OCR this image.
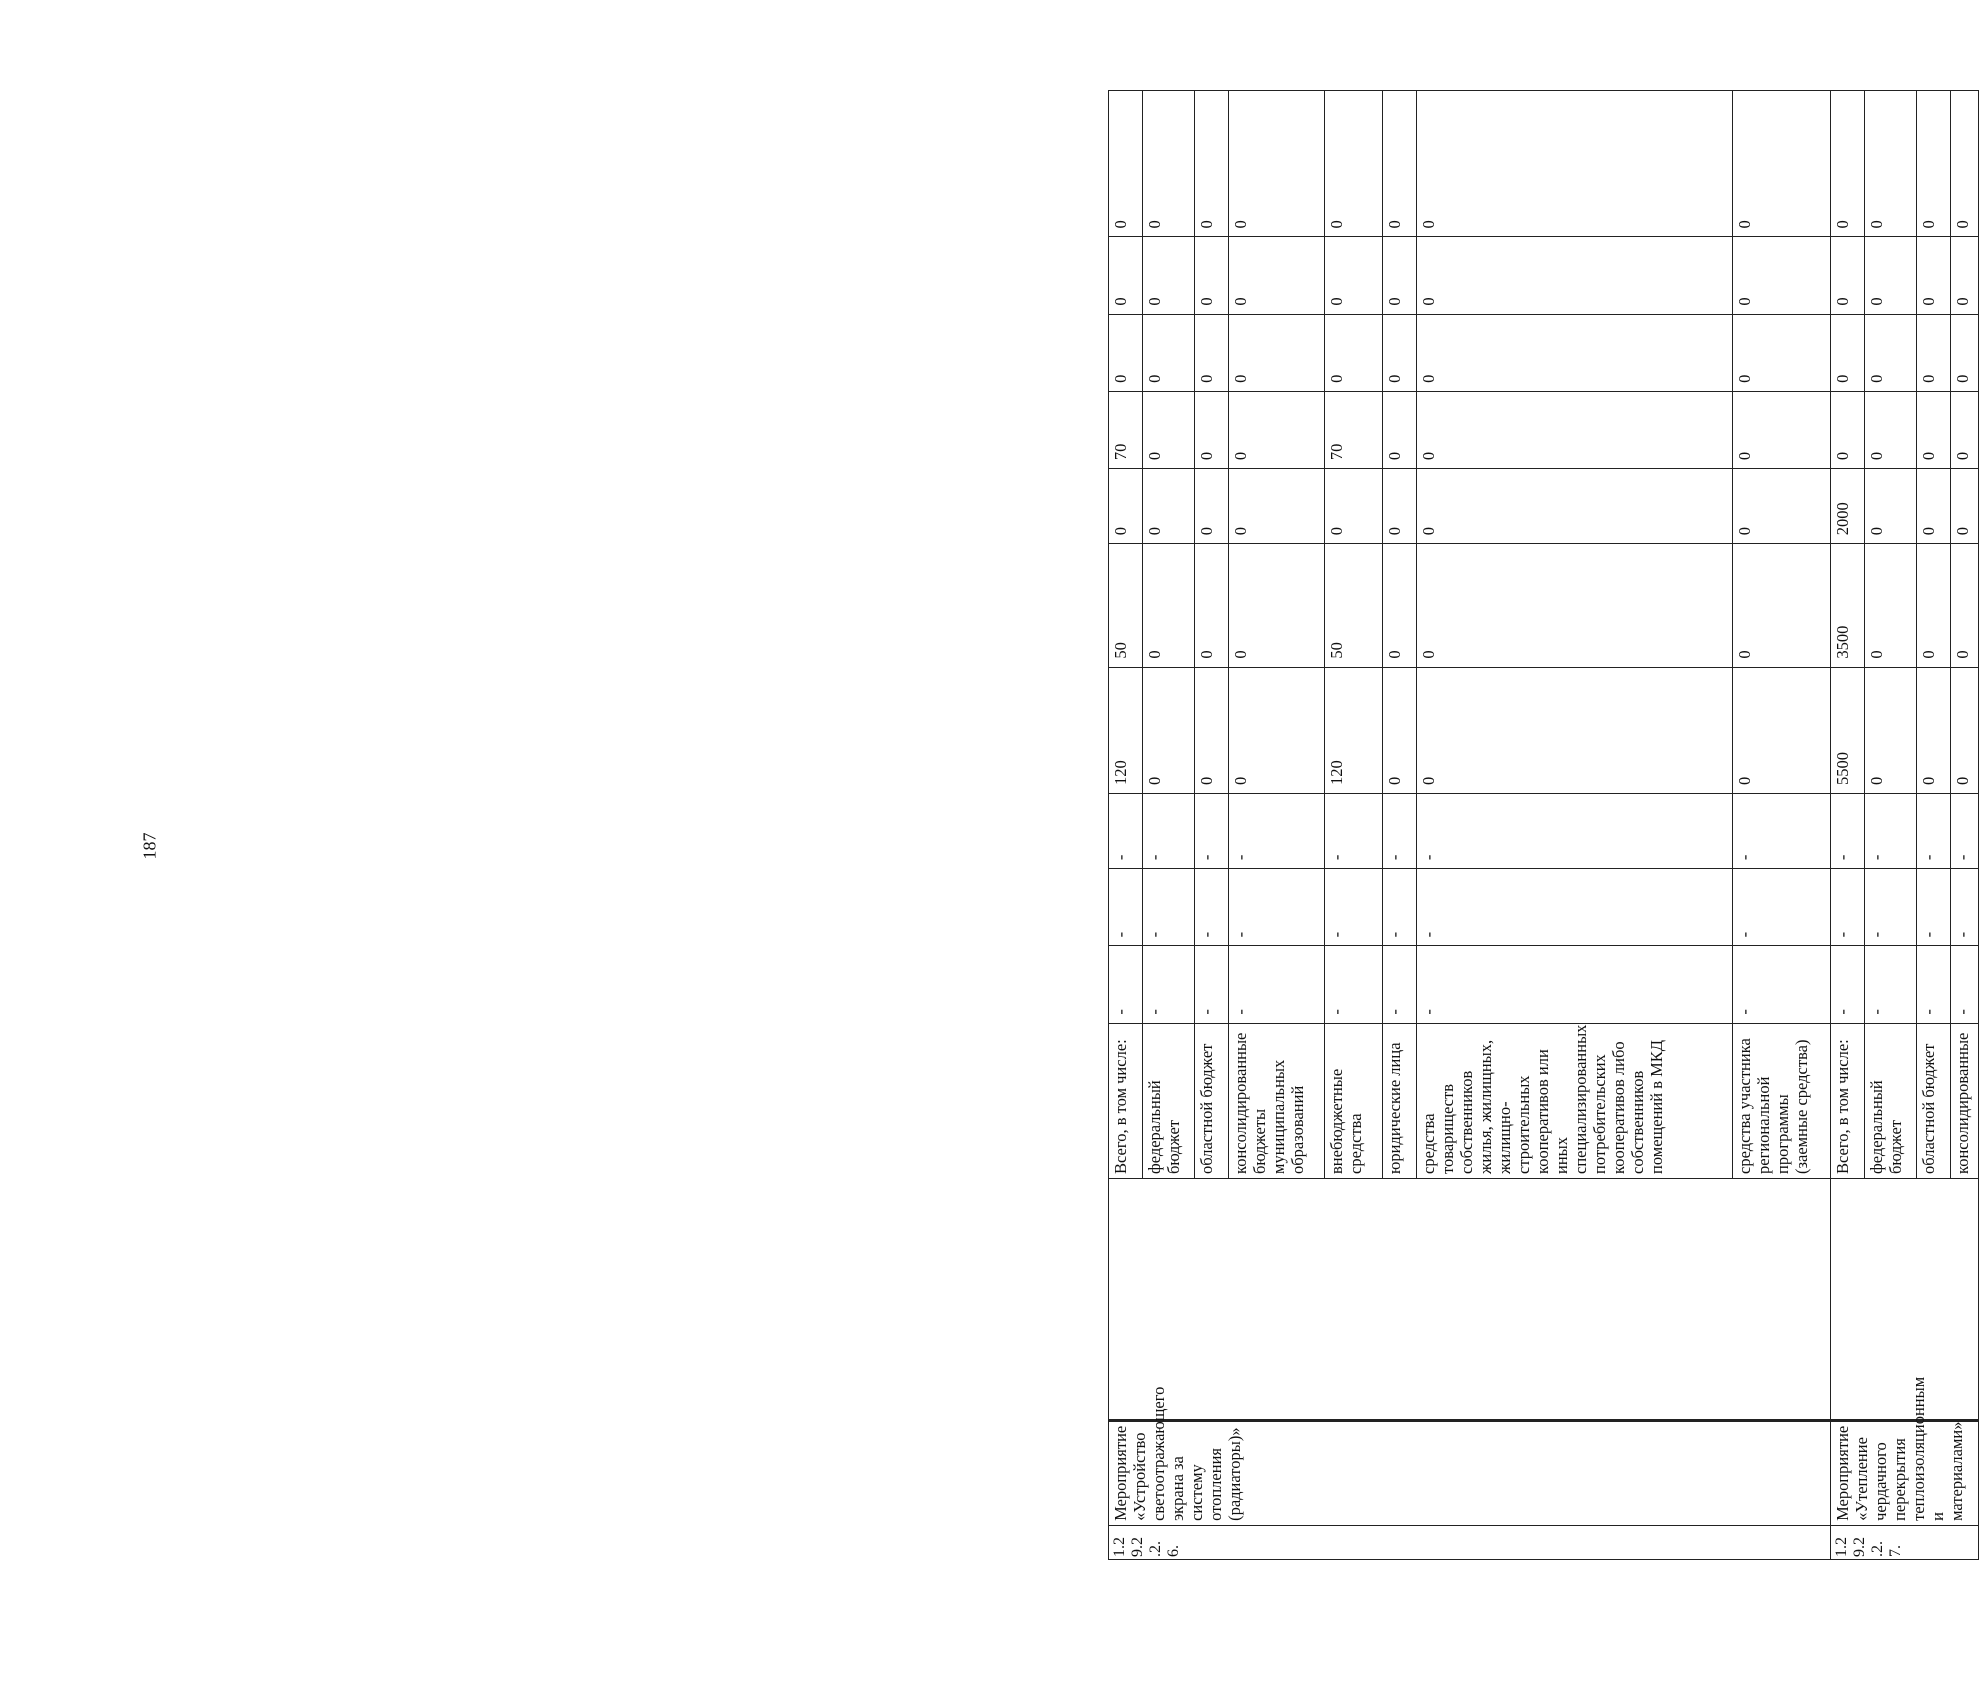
187
1.2 9.2 .2. 6.	Мероприятие «Устройство светоотражающего экрана за систему отопления (радиаторы)»		Всего, в том числе:	-	-	-	120	50	0	70	0	0	0
			федеральный бюджет	-	-	-	0	0	0	0	0	0	0
			областной бюджет	-	-	-	0	0	0	0	0	0	0
			консолидированные бюджеты муниципальных образований	-	-	-	0	0	0	0	0	0	0
			внебюджетные средства	-	-	-	120	50	0	70	0	0	0
			юридические лица	-	-	-	0	0	0	0	0	0	0
			средства товариществ собственников жилья, жилищных, жилищно-строительных кооперативов или иных специализированных потребительских кооперативов либо собственников помещений в МКД	-	-	-	0	0	0	0	0	0	0
			средства участника региональной программы (заемные средства)	-	-	-	0	0	0	0	0	0	0
1.2 9.2 .2. 7.	Мероприятие «Утепление чердачного перекрытия теплоизоляционным и материалами»		Всего, в том числе:	-	-	-	5500	3500	2000	0	0	0	0
			федеральный бюджет	-	-	-	0	0	0	0	0	0	0
			областной бюджет	-	-	-	0	0	0	0	0	0	0
			консолидированные	-	-	-	0	0	0	0	0	0	0
